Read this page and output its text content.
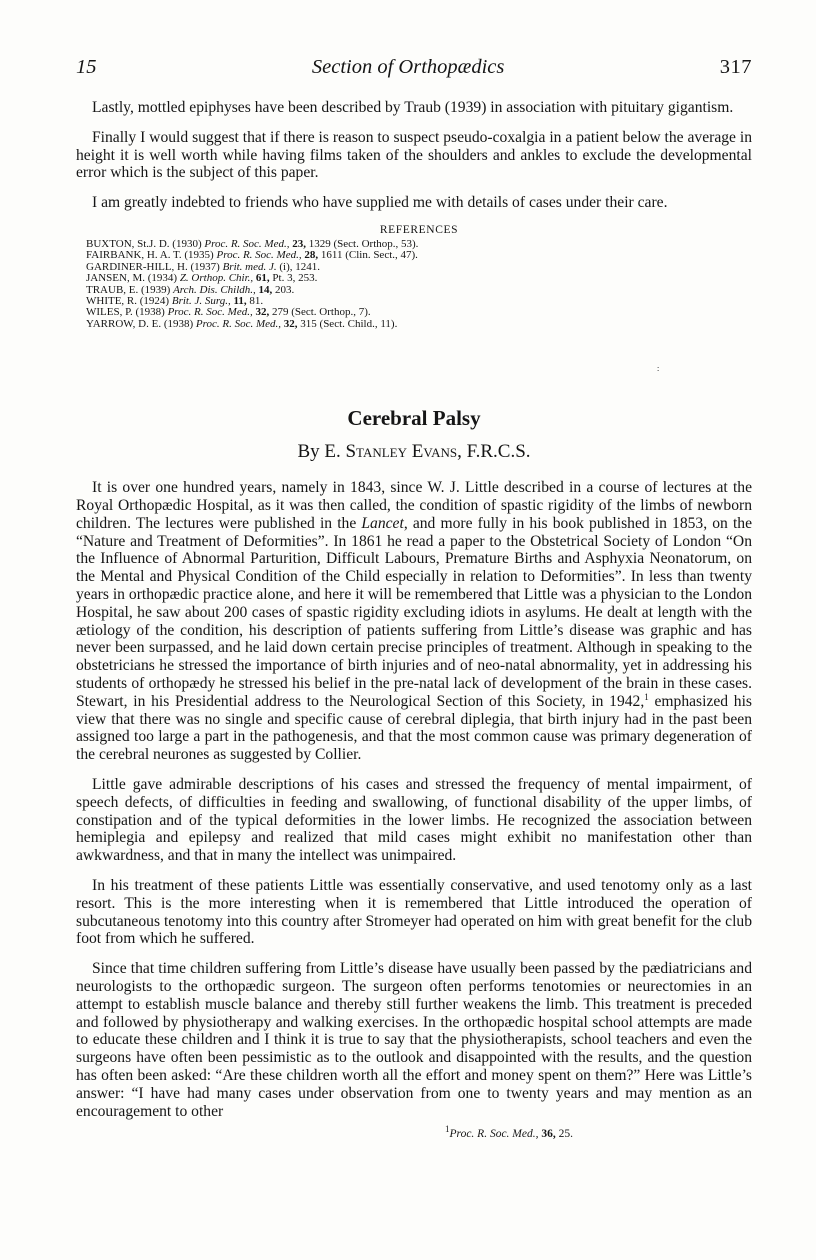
15	Section of Orthopædics	317

Lastly, mottled epiphyses have been described by Traub (1939) in association with pituitary gigantism.

Finally I would suggest that if there is reason to suspect pseudo-coxalgia in a patient below the average in height it is well worth while having films taken of the shoulders and ankles to exclude the developmental error which is the subject of this paper.

I am greatly indebted to friends who have supplied me with details of cases under their care.

REFERENCES
BUXTON, St.J. D. (1930) Proc. R. Soc. Med., 23, 1329 (Sect. Orthop., 53).
FAIRBANK, H. A. T. (1935) Proc. R. Soc. Med., 28, 1611 (Clin. Sect., 47).
GARDINER-HILL, H. (1937) Brit. med. J. (i), 1241.
JANSEN, M. (1934) Z. Orthop. Chir., 61, Pt. 3, 253.
TRAUB, E. (1939) Arch. Dis. Childh., 14, 203.
WHITE, R. (1924) Brit. J. Surg., 11, 81.
WILES, P. (1938) Proc. R. Soc. Med., 32, 279 (Sect. Orthop., 7).
YARROW, D. E. (1938) Proc. R. Soc. Med., 32, 315 (Sect. Child., 11).
Cerebral Palsy
By E. Stanley Evans, F.R.C.S.

It is over one hundred years, namely in 1843, since W. J. Little described in a course of lectures at the Royal Orthopædic Hospital, as it was then called, the condition of spastic rigidity of the limbs of newborn children. The lectures were published in the Lancet, and more fully in his book published in 1853, on the “Nature and Treatment of Deformities”. In 1861 he read a paper to the Obstetrical Society of London “On the Influence of Abnormal Parturition, Difficult Labours, Premature Births and Asphyxia Neonatorum, on the Mental and Physical Condition of the Child especially in relation to Deformities”. In less than twenty years in orthopædic practice alone, and here it will be remembered that Little was a physician to the London Hospital, he saw about 200 cases of spastic rigidity excluding idiots in asylums. He dealt at length with the ætiology of the condition, his description of patients suffering from Little’s disease was graphic and has never been surpassed, and he laid down certain precise principles of treatment. Although in speaking to the obstetricians he stressed the importance of birth injuries and of neo-natal abnormality, yet in addressing his students of orthopædy he stressed his belief in the pre-natal lack of development of the brain in these cases. Stewart, in his Presidential address to the Neurological Section of this Society, in 1942,$^1$ emphasized his view that there was no single and specific cause of cerebral diplegia, that birth injury had in the past been assigned too large a part in the pathogenesis, and that the most common cause was primary degeneration of the cerebral neurones as suggested by Collier.

Little gave admirable descriptions of his cases and stressed the frequency of mental impairment, of speech defects, of difficulties in feeding and swallowing, of functional disability of the upper limbs, of constipation and of the typical deformities in the lower limbs. He recognized the association between hemiplegia and epilepsy and realized that mild cases might exhibit no manifestation other than awkwardness, and that in many the intellect was unimpaired.

In his treatment of these patients Little was essentially conservative, and used tenotomy only as a last resort. This is the more interesting when it is remembered that Little introduced the operation of subcutaneous tenotomy into this country after Stromeyer had operated on him with great benefit for the club foot from which he suffered.

Since that time children suffering from Little’s disease have usually been passed by the pædiatricians and neurologists to the orthopædic surgeon. The surgeon often performs tenotomies or neurectomies in an attempt to establish muscle balance and thereby still further weakens the limb. This treatment is preceded and followed by physiotherapy and walking exercises. In the orthopædic hospital school attempts are made to educate these children and I think it is true to say that the physiotherapists, school teachers and even the surgeons have often been pessimistic as to the outlook and disappointed with the results, and the question has often been asked: “Are these children worth all the effort and money spent on them?” Here was Little’s answer: “I have had many cases under observation from one to twenty years and may mention as an encouragement to other

$^1$Proc. R. Soc. Med., 36, 25.
:
